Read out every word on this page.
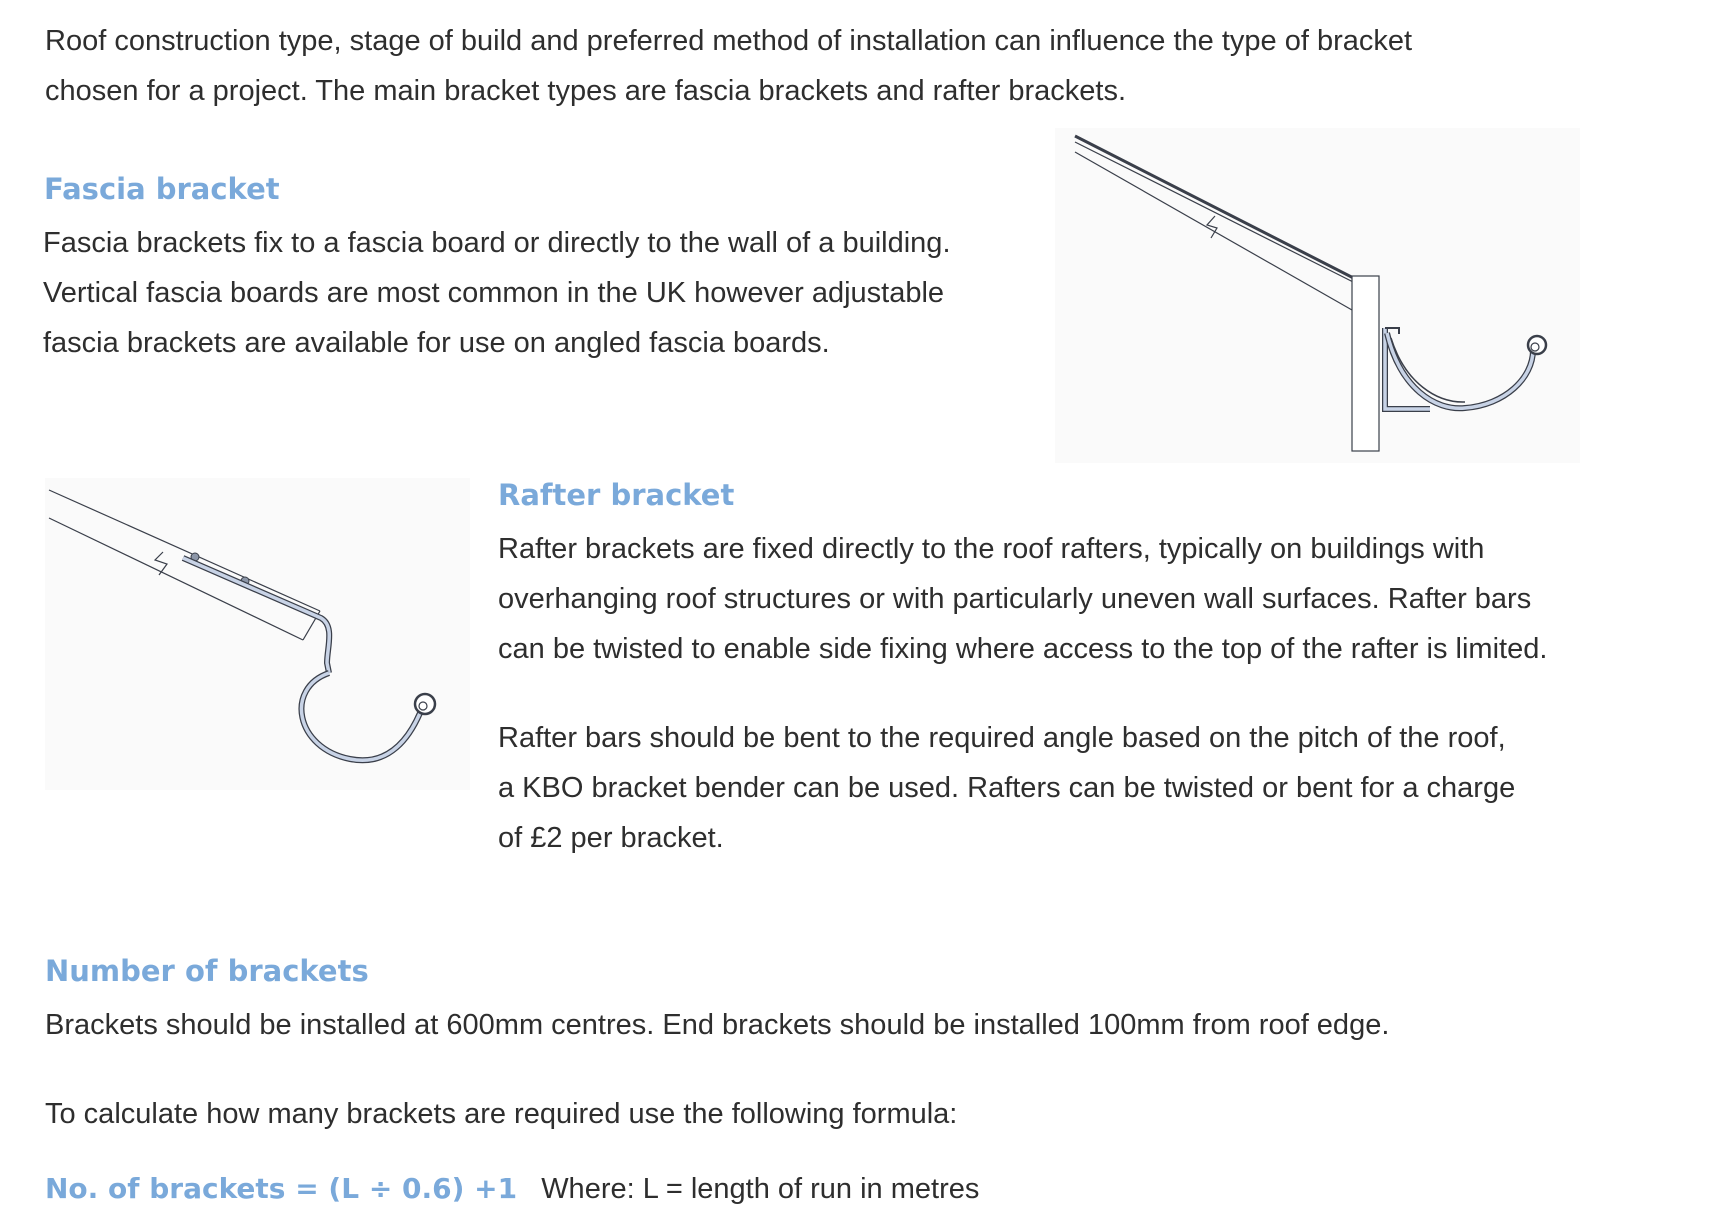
Roof construction type, stage of build and preferred method of installation can influence the type of bracket
chosen for a project. The main bracket types are fascia brackets and rafter brackets.

Fascia bracket

Fascia brackets fix to a fascia board or directly to the wall of a building.
Vertical fascia boards are most common in the UK however adjustable
fascia brackets are available for use on angled fascia boards.

Rafter bracket

Rafter brackets are fixed directly to the roof rafters, typically on buildings with
overhanging roof structures or with particularly uneven wall surfaces. Rafter bars
can be twisted to enable side fixing where access to the top of the rafter is limited.

Rafter bars should be bent to the required angle based on the pitch of the roof,
a KBO bracket bender can be used. Rafters can be twisted or bent for a charge
of £2 per bracket.

Number of brackets

Brackets should be installed at 600mm centres. End brackets should be installed 100mm from roof edge.

To calculate how many brackets are required use the following formula:

No. of brackets = (L ÷ 0.6) +1 Where: L = length of run in metres
